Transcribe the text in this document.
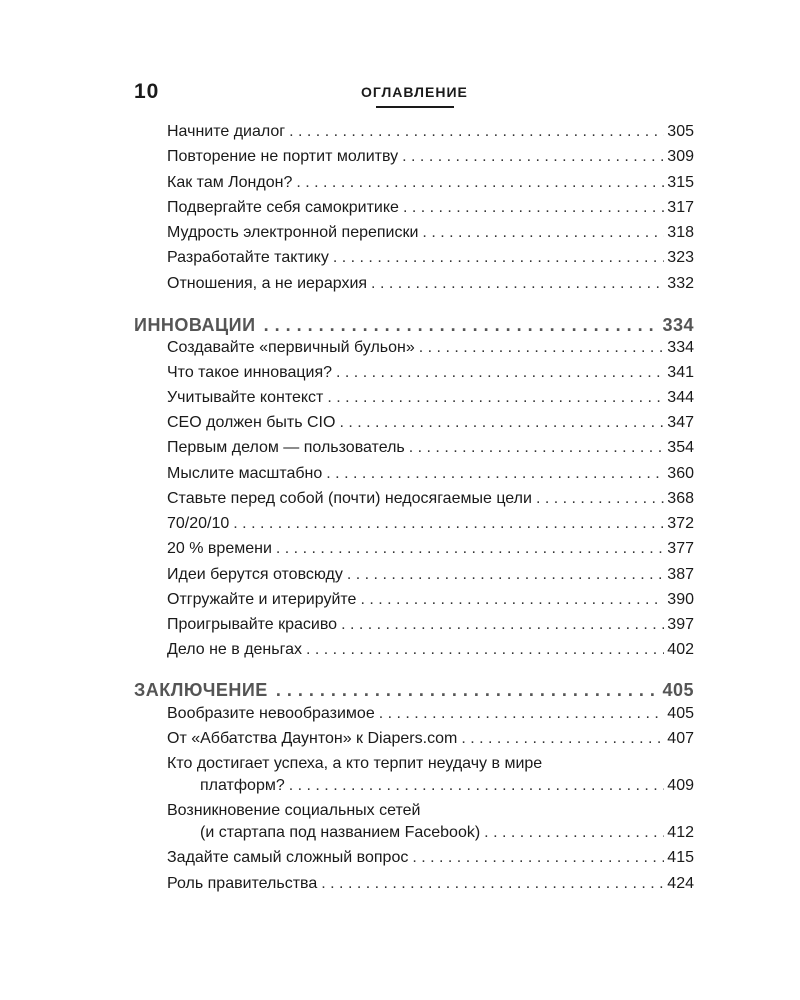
10	ОГЛАВЛЕНИЕ
Начните диалог . . .	305
Повторение не портит молитву . . .	309
Как там Лондон? . . .	315
Подвергайте себя самокритике . . .	317
Мудрость электронной переписки . . .	318
Разработайте тактику . . .	323
Отношения, а не иерархия . . .	332
ИННОВАЦИИ . . .	334
Создавайте «первичный бульон» . . .	334
Что такое инновация? . . .	341
Учитывайте контекст . . .	344
CEO должен быть CIO . . .	347
Первым делом — пользователь . . .	354
Мыслите масштабно . . .	360
Ставьте перед собой (почти) недосягаемые цели . . .	368
70/20/10 . . .	372
20 % времени . . .	377
Идеи берутся отовсюду . . .	387
Отгружайте и итерируйте . . .	390
Проигрывайте красиво . . .	397
Дело не в деньгах . . .	402
ЗАКЛЮЧЕНИЕ . . .	405
Вообразите невообразимое . . .	405
От «Аббатства Даунтон» к Diapers.com . . .	407
Кто достигает успеха, а кто терпит неудачу в мире
платформ? . . .	409
Возникновение социальных сетей
(и стартапа под названием Facebook) . . .	412
Задайте самый сложный вопрос . . .	415
Роль правительства . . .	424
